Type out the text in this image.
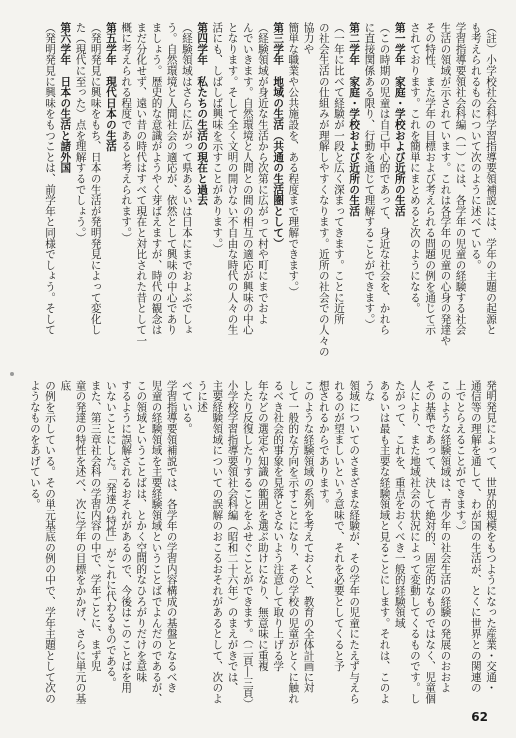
（註）小学校社会科学習指導要領補説には、学年の主題の起源と
も考えられるものについて次のように述べている。
学習指導要領社会科編（一）には、各学年の児童の経験する社会
生活の領域が示されています。これは各学年の児童の心身の発達や
その特性、また学年の目標および考えられる問題の例を通じて示
されております。これを簡単にまとめると次のようになる。
第一学年　家庭・学校および近所の生活
（この時期の児童は自己中心的であって、身近な社会を、かれら
に直接関係ある限り、行動を通じて理解することができます。）
第二学年　家庭・学校および近所の生活
（一年に比べて経験が一段と広く深まってきます。ことに近所
の社会生活の仕組みが理解しやすくなります。近所の社会での人々の協力や
簡単な職業や公共施設を、ある程度まで理解できます。）
第三学年　地域の生活（共通の生活圏として）
（経験領域が身近な生活から次第に広がって村や町にまでおよ
んでいきます。自然環境と人間との間の相互の適応が興味の中心
となります。そして全く文明の開けない不自由な時代の人々の生
活にも、しばしば興味を示すことがあります。）
第四学年　私たちの生活の現在と過去
（経験領域はさらに広がって県あるいは日本にまでおよぶでしょ
う。自然環境と人間社会の適応が、依然として興味の中心であり
ましょう。歴史的な意識がようやく芽ばえますが、時代の観念は
まだ分化せず、遠い昔の時代はすべて現在と対比された昔として一
概に考えられる程度であると考えられます。）
第五学年　現代日本の生活
（発明発見に興味をもち、日本の生活が発明発見によって変化し
た（現代に至った）点を理解するでしょう。）
第六学年　日本の生活と諸外国
（発明発見に興味をもつことは、前学年と同様でしょう。そして
発明発見によって、世界的規模をもつようになった産業・交通・
通信等の理解を通して、わが国の生活が、とくに世界との関連の
上でとらえることができます。）
このような経験領域は、青少年の社会生活の経験の発展のおおよ
その基準であって、決して絶対的、固定的なものではなく、児童個
人により、また地域社会の状況によって変動してくるものです。したがって、これを、重点をおくべき一般的経験領域
あるいは最も主要な経験領域と見ることにします。それは、このような
領域についてのさまざまな経験が、その学年の児童にたえず与えら
れるのが望ましいという意味で、それを必要としてくると予
想されるからであります。
このような経験領域の系列を考えておくと、教育の全体計画に対
して一般的な方向を示すことになり、その学校の児童がとくに触れ
るべき社会的事象を見落とさないよう注意して取り上げる学
年などの選定や知識の範囲を選ぶ助けになり、無意味に重複
したり反復したりすることをふせぐことができます。（二頁―三頁）
小学校学習指導要領社会科編（昭和二十六年）のまえがきでは、
主要経験領域についての誤解のおこるおそれがあるとして、次のように述
べている。
学習指導要領補説では、各学年の学習内容構成の基盤となるべき
児童の経験領域を主要経験領域ということばでよんだのであるが、この領域ということばは、とかく空間的なひろがりだけを意味
するように誤解されるおそれがあるので、今後はこのことばを用
いないことにした。「発達の特性」がこれに代わるものである。
また、第三章社会科の学習内容の中で、学年ごとに、まず児
童の発達の特性を述べ、次に学年の目標をかかげ、さらに単元の基底
の例を示している。その単元基底の例の中で、学年主題として次の
ようなものをあげている。
62
